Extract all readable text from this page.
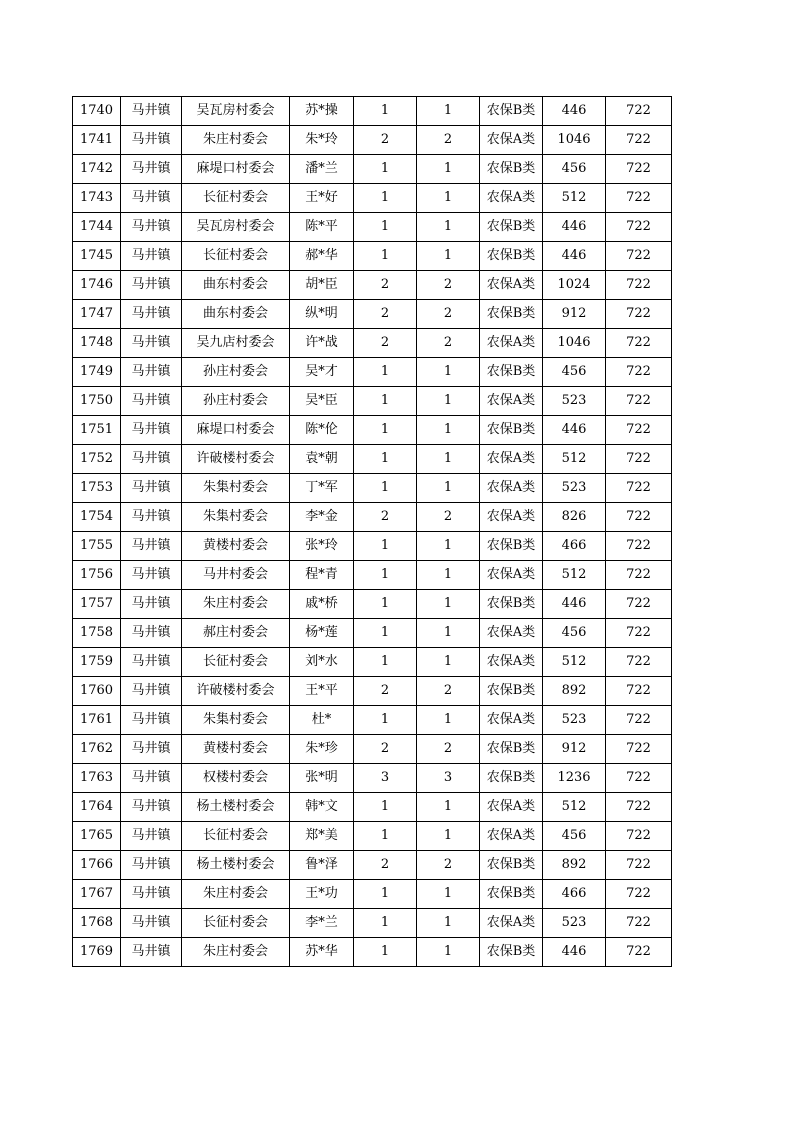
1740	马井镇	吴瓦房村委会	苏*操	1	1	农保B类	446	722
1741	马井镇	朱庄村委会	朱*玲	2	2	农保A类	1046	722
1742	马井镇	麻堤口村委会	潘*兰	1	1	农保B类	456	722
1743	马井镇	长征村委会	王*好	1	1	农保A类	512	722
1744	马井镇	吴瓦房村委会	陈*平	1	1	农保B类	446	722
1745	马井镇	长征村委会	郝*华	1	1	农保B类	446	722
1746	马井镇	曲东村委会	胡*臣	2	2	农保A类	1024	722
1747	马井镇	曲东村委会	纵*明	2	2	农保B类	912	722
1748	马井镇	吴九店村委会	许*战	2	2	农保A类	1046	722
1749	马井镇	孙庄村委会	吴*才	1	1	农保B类	456	722
1750	马井镇	孙庄村委会	吴*臣	1	1	农保A类	523	722
1751	马井镇	麻堤口村委会	陈*伦	1	1	农保B类	446	722
1752	马井镇	许破楼村委会	袁*朝	1	1	农保A类	512	722
1753	马井镇	朱集村委会	丁*军	1	1	农保A类	523	722
1754	马井镇	朱集村委会	李*金	2	2	农保A类	826	722
1755	马井镇	黄楼村委会	张*玲	1	1	农保B类	466	722
1756	马井镇	马井村委会	程*青	1	1	农保A类	512	722
1757	马井镇	朱庄村委会	戚*桥	1	1	农保B类	446	722
1758	马井镇	郝庄村委会	杨*莲	1	1	农保A类	456	722
1759	马井镇	长征村委会	刘*水	1	1	农保A类	512	722
1760	马井镇	许破楼村委会	王*平	2	2	农保B类	892	722
1761	马井镇	朱集村委会	杜*	1	1	农保A类	523	722
1762	马井镇	黄楼村委会	朱*珍	2	2	农保B类	912	722
1763	马井镇	权楼村委会	张*明	3	3	农保B类	1236	722
1764	马井镇	杨土楼村委会	韩*文	1	1	农保A类	512	722
1765	马井镇	长征村委会	郑*美	1	1	农保A类	456	722
1766	马井镇	杨土楼村委会	鲁*泽	2	2	农保B类	892	722
1767	马井镇	朱庄村委会	王*功	1	1	农保B类	466	722
1768	马井镇	长征村委会	李*兰	1	1	农保A类	523	722
1769	马井镇	朱庄村委会	苏*华	1	1	农保B类	446	722
